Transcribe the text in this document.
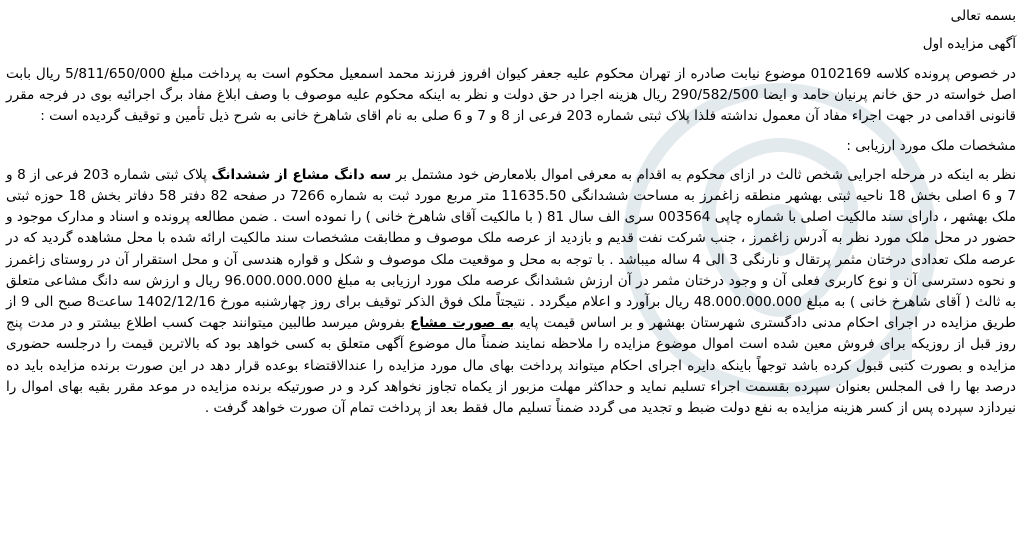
بسمه تعالی

آگهی مزایده اول

در خصوص پرونده کلاسه 0102169 موضوع نیابت صادره از تهران محکوم علیه جعفر کیوان افروز فرزند محمد اسمعیل محکوم است به پرداخت مبلغ 5/811/650/000 ریال بابت اصل خواسته در حق خانم پرنیان حامد و ایضا 290/582/500 ریال هزینه اجرا در حق دولت و نظر به اینکه محکوم علیه موصوف با وصف ابلاغ مفاد برگ اجرائیه بوی در فرجه مقرر قانونی اقدامی در جهت اجراء مفاد آن معمول نداشته فلذا پلاک ثبتی شماره 203 فرعی از 8 و 7 و 6 صلی به نام اقای شاهرخ خانی به شرح ذیل تأمین و توقیف گردیده است :

مشخصات ملک مورد ارزیابی :

نظر به اینکه در مرحله اجرایی شخص ثالث در ازای محکوم به اقدام به معرفی اموال بلامعارض خود مشتمل بر سه دانگ مشاع از ششدانگ پلاک ثبتی شماره 203 فرعی از 8 و 7 و 6 اصلی بخش 18 ناحیه ثبتی بهشهر منطقه زاغمرز به مساحت ششدانگی 11635.50 متر مربع مورد ثبت به شماره 7266 در صفحه 82 دفتر 58 دفاتر بخش 18 حوزه ثبتی ملک بهشهر ، دارای سند مالکیت اصلی با شماره چاپی 003564 سری الف سال 81 ( با مالکیت آقای شاهرخ خانی ) را نموده است . ضمن مطالعه پرونده و اسناد و مدارک موجود و حضور در محل ملک مورد نظر به آدرس زاغمرز ، جنب شرکت نفت قدیم و بازدید از عرصه ملک موصوف و مطابقت مشخصات سند مالکیت ارائه شده با محل مشاهده گردید که در عرصه ملک تعدادی درختان مثمر پرتقال و نارنگی 3 الی 4 ساله میباشد . با توجه به محل و موقعیت ملک موصوف و شکل و قواره هندسی آن و محل استقرار آن در روستای زاغمرز و نحوه دسترسی آن و نوع کاربری فعلی آن و وجود درختان مثمر در آن ارزش ششدانگ عرصه ملک مورد ارزیابی به مبلغ 96.000.000.000 ریال و ارزش سه دانگ مشاعی متعلق به ثالث ( آقای شاهرخ خانی ) به مبلغ 48.000.000.000 ریال برآورد و اعلام میگردد . نتیجتاً ملک فوق الذکر توقیف برای روز چهارشنبه مورخ 1402/12/16 ساعت8 صبح الی 9 از طریق مزایده در اجرای احکام مدنی دادگستری شهرستان بهشهر و بر اساس قیمت پایه به صورت مشاع بفروش میرسد طالبین میتوانند جهت کسب اطلاع بیشتر و در مدت پنج روز قبل از روزیکه برای فروش معین شده است اموال موضوع مزایده را ملاحظه نمایند ضمناً مال موضوع آگهی متعلق به کسی خواهد بود که بالاترین قیمت را درجلسه حضوری مزایده و بصورت کتبی قبول کرده باشد توجهاً باینکه دایره اجرای احکام میتواند پرداخت بهای مال مورد مزایده را عندالاقتضاء بوعده قرار دهد در این صورت برنده مزایده باید ده درصد بها را فی المجلس بعنوان سپرده بقسمت اجراء تسلیم نماید و حداکثر مهلت مزبور از یکماه تجاوز نخواهد کرد و در صورتیکه برنده مزایده در موعد مقرر بقیه بهای اموال را نیردازد سپرده پس از کسر هزینه مزایده به نفع دولت ضبط و تجدید می گردد ضمناً تسلیم مال فقط بعد از پرداخت تمام آن صورت خواهد گرفت .
